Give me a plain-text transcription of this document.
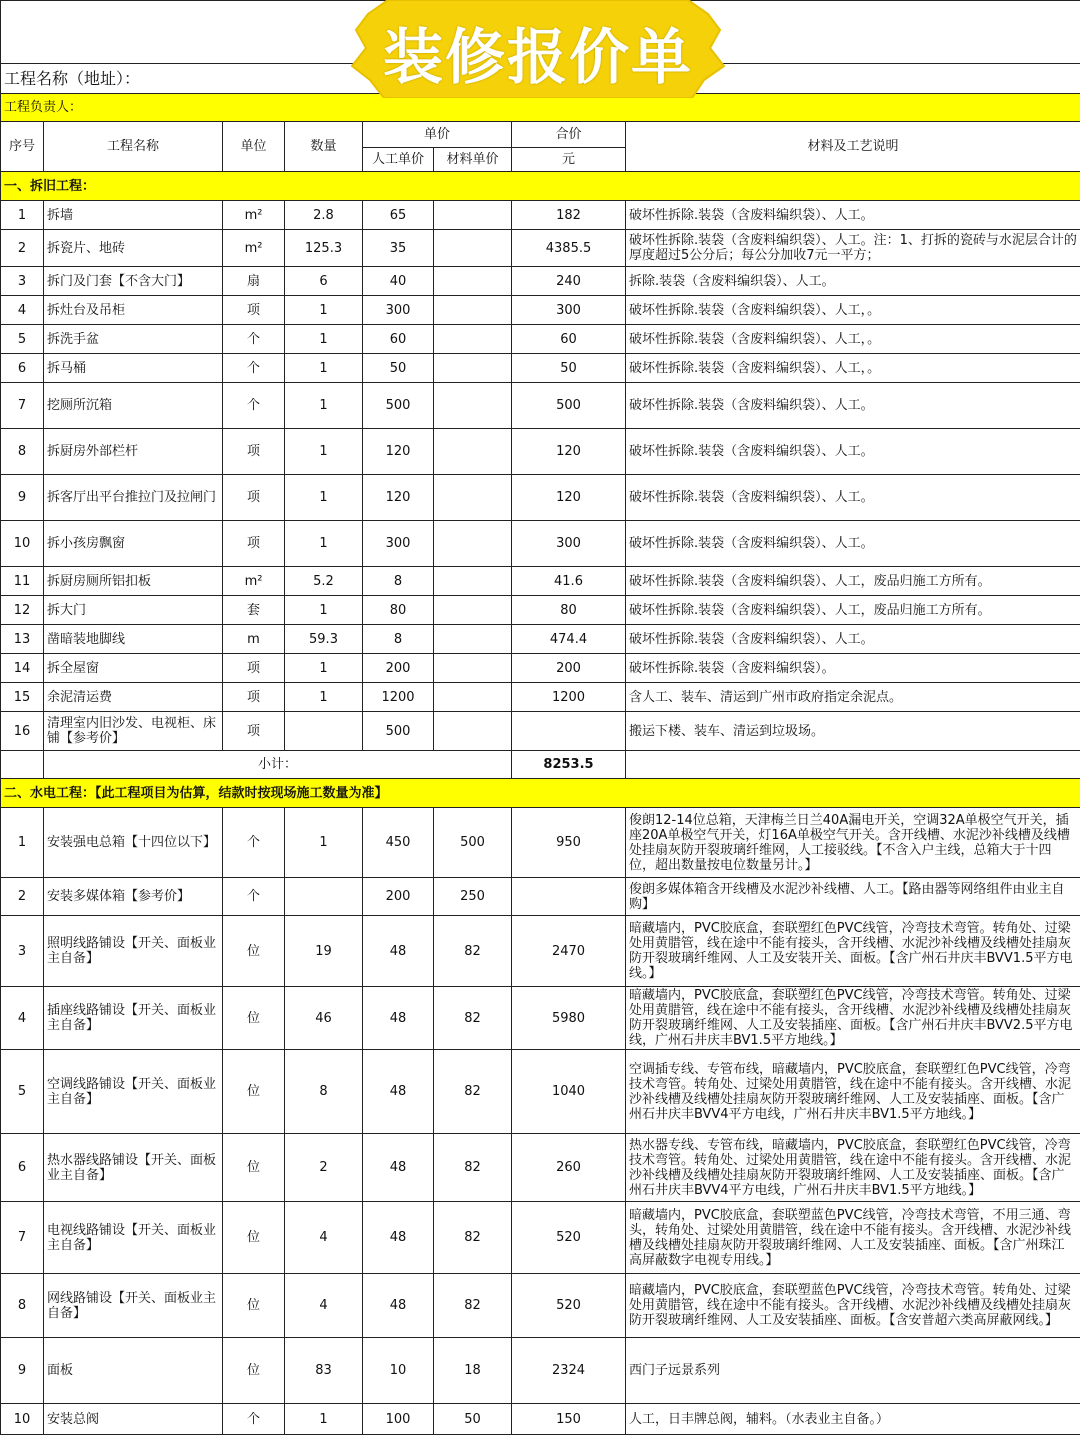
装修报价单

工程名称（地址）：							
工程负责人：							
序号	工程名称	单位	数量	单价		合价	材料及工艺说明
				人工单价	材料单价	元	
一、拆旧工程：							
1	拆墙	m²	2.8	65		182	破坏性拆除.装袋（含废料编织袋）、人工。
2	拆瓷片、地砖	m²	125.3	35		4385.5	破坏性拆除.装袋（含废料编织袋）、人工。注：1、打拆的瓷砖与水泥层合计的厚度超过5公分后；每公分加收7元一平方；
3	拆门及门套【不含大门】	扇	6	40		240	拆除.装袋（含废料编织袋）、人工。
4	拆灶台及吊柜	项	1	300		300	破坏性拆除.装袋（含废料编织袋）、人工，。
5	拆洗手盆	个	1	60		60	破坏性拆除.装袋（含废料编织袋）、人工，。
6	拆马桶	个	1	50		50	破坏性拆除.装袋（含废料编织袋）、人工，。
7	挖厕所沉箱	个	1	500		500	破坏性拆除.装袋（含废料编织袋）、人工。
8	拆厨房外部栏杆	项	1	120		120	破坏性拆除.装袋（含废料编织袋）、人工。
9	拆客厅出平台推拉门及拉闸门	项	1	120		120	破坏性拆除.装袋（含废料编织袋）、人工。
10	拆小孩房飘窗	项	1	300		300	破坏性拆除.装袋（含废料编织袋）、人工。
11	拆厨房厕所铝扣板	m²	5.2	8		41.6	破坏性拆除.装袋（含废料编织袋）、人工，废品归施工方所有。
12	拆大门	套	1	80		80	破坏性拆除.装袋（含废料编织袋）、人工，废品归施工方所有。
13	凿暗装地脚线	m	59.3	8		474.4	破坏性拆除.装袋（含废料编织袋）、人工。
14	拆全屋窗	项	1	200		200	破坏性拆除.装袋（含废料编织袋）。
15	余泥清运费	项	1	1200		1200	含人工、装车、清运到广州市政府指定余泥点。
16	清理室内旧沙发、电视柜、床铺【参考价】	项		500			搬运下楼、装车、清运到垃圾场。
	小计：					8253.5	
二、水电工程：【此工程项目为估算，结款时按现场施工数量为准】							
1	安装强电总箱【十四位以下】	个	1	450	500	950	俊朗12-14位总箱，天津梅兰日兰40A漏电开关，空调32A单极空气开关，插座20A单极空气开关，灯16A单极空气开关。含开线槽、水泥沙补线槽及线槽处挂扇灰防开裂玻璃纤维网，人工接驳线。【不含入户主线，总箱大于十四位，超出数量按电位数量另计。】
2	安装多媒体箱【参考价】	个		200	250		俊朗多媒体箱含开线槽及水泥沙补线槽、人工。【路由器等网络组件由业主自购】
3	照明线路铺设【开关、面板业主自备】	位	19	48	82	2470	暗藏墙内，PVC胶底盒，套联塑红色PVC线管，冷弯技术弯管。转角处、过梁处用黄腊管，线在途中不能有接头，含开线槽、水泥沙补线槽及线槽处挂扇灰防开裂玻璃纤维网、人工及安装开关、面板。【含广州石井庆丰BVV1.5平方电线。】
4	插座线路铺设【开关、面板业主自备】	位	46	48	82	5980	暗藏墙内，PVC胶底盒，套联塑红色PVC线管，冷弯技术弯管。转角处、过梁处用黄腊管，线在途中不能有接头，含开线槽、水泥沙补线槽及线槽处挂扇灰防开裂玻璃纤维网、人工及安装插座、面板。【含广州石井庆丰BVV2.5平方电线，广州石井庆丰BV1.5平方地线。】
5	空调线路铺设【开关、面板业主自备】	位	8	48	82	1040	空调插专线、专管布线，暗藏墙内，PVC胶底盒，套联塑红色PVC线管，冷弯技术弯管。转角处、过梁处用黄腊管，线在途中不能有接头。含开线槽、水泥沙补线槽及线槽处挂扇灰防开裂玻璃纤维网、人工及安装插座、面板。【含广州石井庆丰BVV4平方电线，广州石井庆丰BV1.5平方地线。】
6	热水器线路铺设【开关、面板业主自备】	位	2	48	82	260	热水器专线、专管布线，暗藏墙内，PVC胶底盒，套联塑红色PVC线管，冷弯技术弯管。转角处、过梁处用黄腊管，线在途中不能有接头。含开线槽、水泥沙补线槽及线槽处挂扇灰防开裂玻璃纤维网、人工及安装插座、面板。【含广州石井庆丰BVV4平方电线，广州石井庆丰BV1.5平方地线。】
7	电视线路铺设【开关、面板业主自备】	位	4	48	82	520	暗藏墙内，PVC胶底盒，套联塑蓝色PVC线管，冷弯技术弯管，不用三通、弯头，转角处、过梁处用黄腊管，线在途中不能有接头。含开线槽、水泥沙补线槽及线槽处挂扇灰防开裂玻璃纤维网、人工及安装插座、面板。【含广州珠江高屏蔽数字电视专用线。】
8	网线路铺设【开关、面板业主自备】	位	4	48	82	520	暗藏墙内，PVC胶底盒，套联塑蓝色PVC线管，冷弯技术弯管。转角处、过梁处用黄腊管，线在途中不能有接头。含开线槽、水泥沙补线槽及线槽处挂扇灰防开裂玻璃纤维网、人工及安装插座、面板。【含安普超六类高屏蔽网线。】
9	面板	位	83	10	18	2324	西门子远景系列
10	安装总阀	个	1	100	50	150	人工，日丰牌总阀，辅料。（水表业主自备。）
